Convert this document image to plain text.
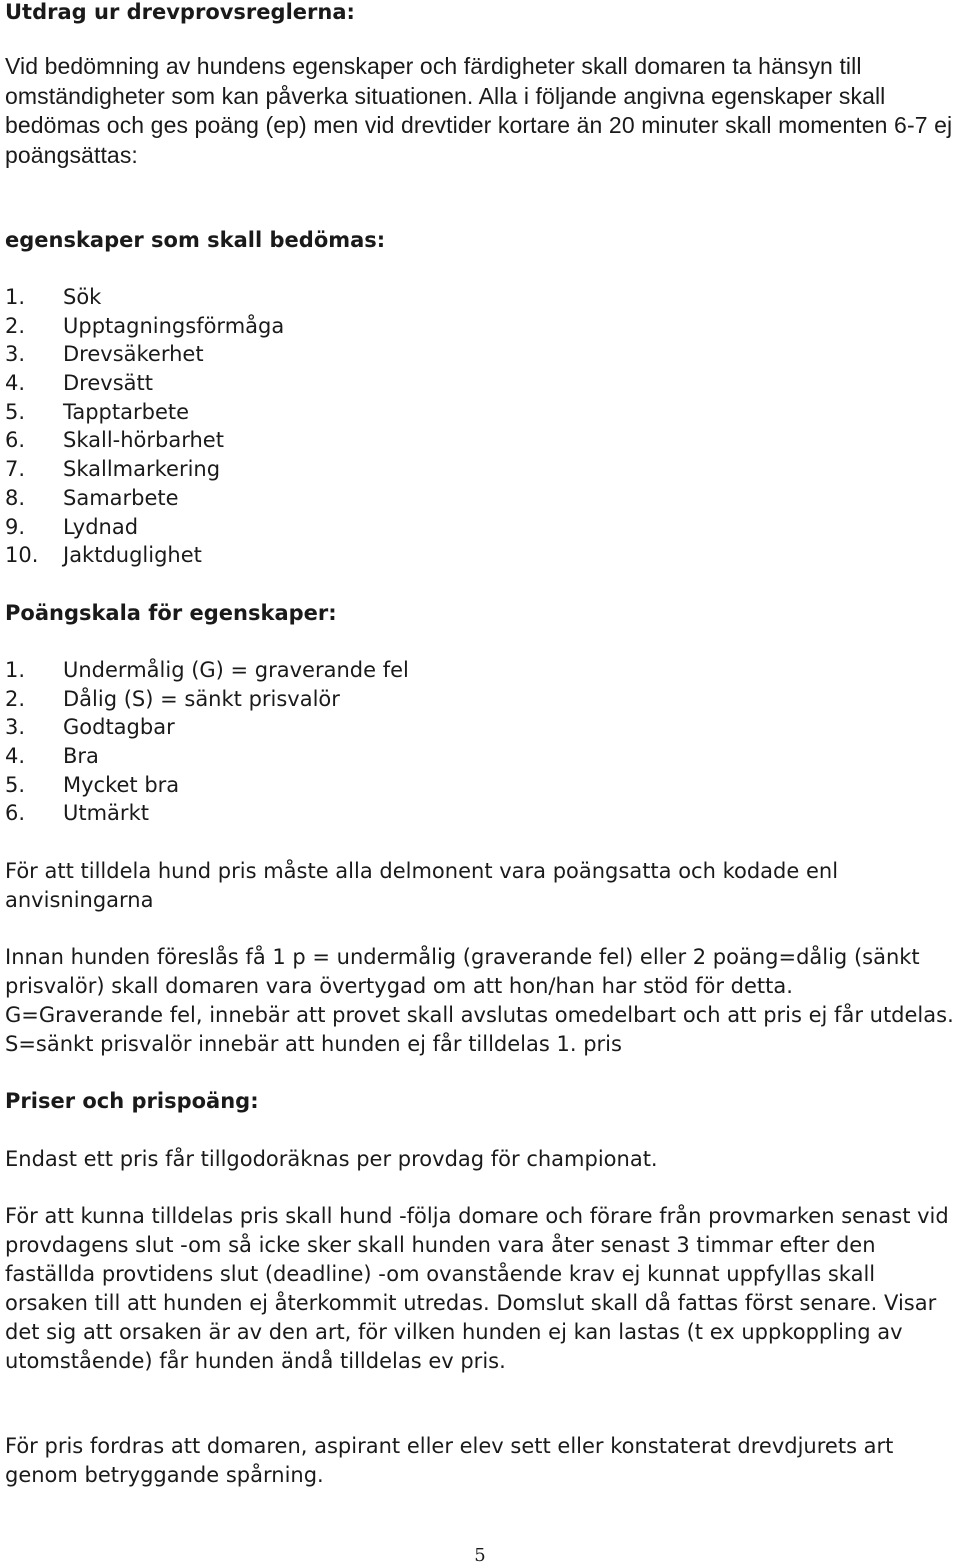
Utdrag ur drevprovsreglerna:

Vid bedömning av hundens egenskaper och färdigheter skall domaren ta hänsyn till omständigheter som kan påverka situationen. Alla i följande angivna egenskaper skall bedömas och ges poäng (ep) men vid drevtider kortare än 20 minuter skall momenten 6-7 ej poängsättas:

egenskaper som skall bedömas:
1. Sök
2. Upptagningsförmåga
3. Drevsäkerhet
4. Drevsätt
5. Tapptarbete
6. Skall-hörbarhet
7. Skallmarkering
8. Samarbete
9. Lydnad
10. Jaktduglighet
Poängskala för egenskaper:
1. Undermålig (G) = graverande fel
2. Dålig (S) = sänkt prisvalör
3. Godtagbar
4. Bra
5. Mycket bra
6. Utmärkt

För att tilldela hund pris måste alla delmonent vara poängsatta och kodade enl anvisningarna

Innan hunden föreslås få 1 p = undermålig (graverande fel) eller 2 poäng=dålig (sänkt prisvalör) skall domaren vara övertygad om att hon/han har stöd för detta. G=Graverande fel, innebär att provet skall avslutas omedelbart och att pris ej får utdelas. S=sänkt prisvalör innebär att hunden ej får tilldelas 1. pris

Priser och prispoäng:

Endast ett pris får tillgodoräknas per provdag för championat.

För att kunna tilldelas pris skall hund -följa domare och förare från provmarken senast vid provdagens slut -om så icke sker skall hunden vara åter senast 3 timmar efter den faställda provtidens slut (deadline) -om ovanstående krav ej kunnat uppfyllas skall orsaken till att hunden ej återkommit utredas. Domslut skall då fattas först senare. Visar det sig att orsaken är av den art, för vilken hunden ej kan lastas (t ex uppkoppling av utomstående) får hunden ändå tilldelas ev pris.

För pris fordras att domaren, aspirant eller elev sett eller konstaterat drevdjurets art genom betryggande spårning.

5
